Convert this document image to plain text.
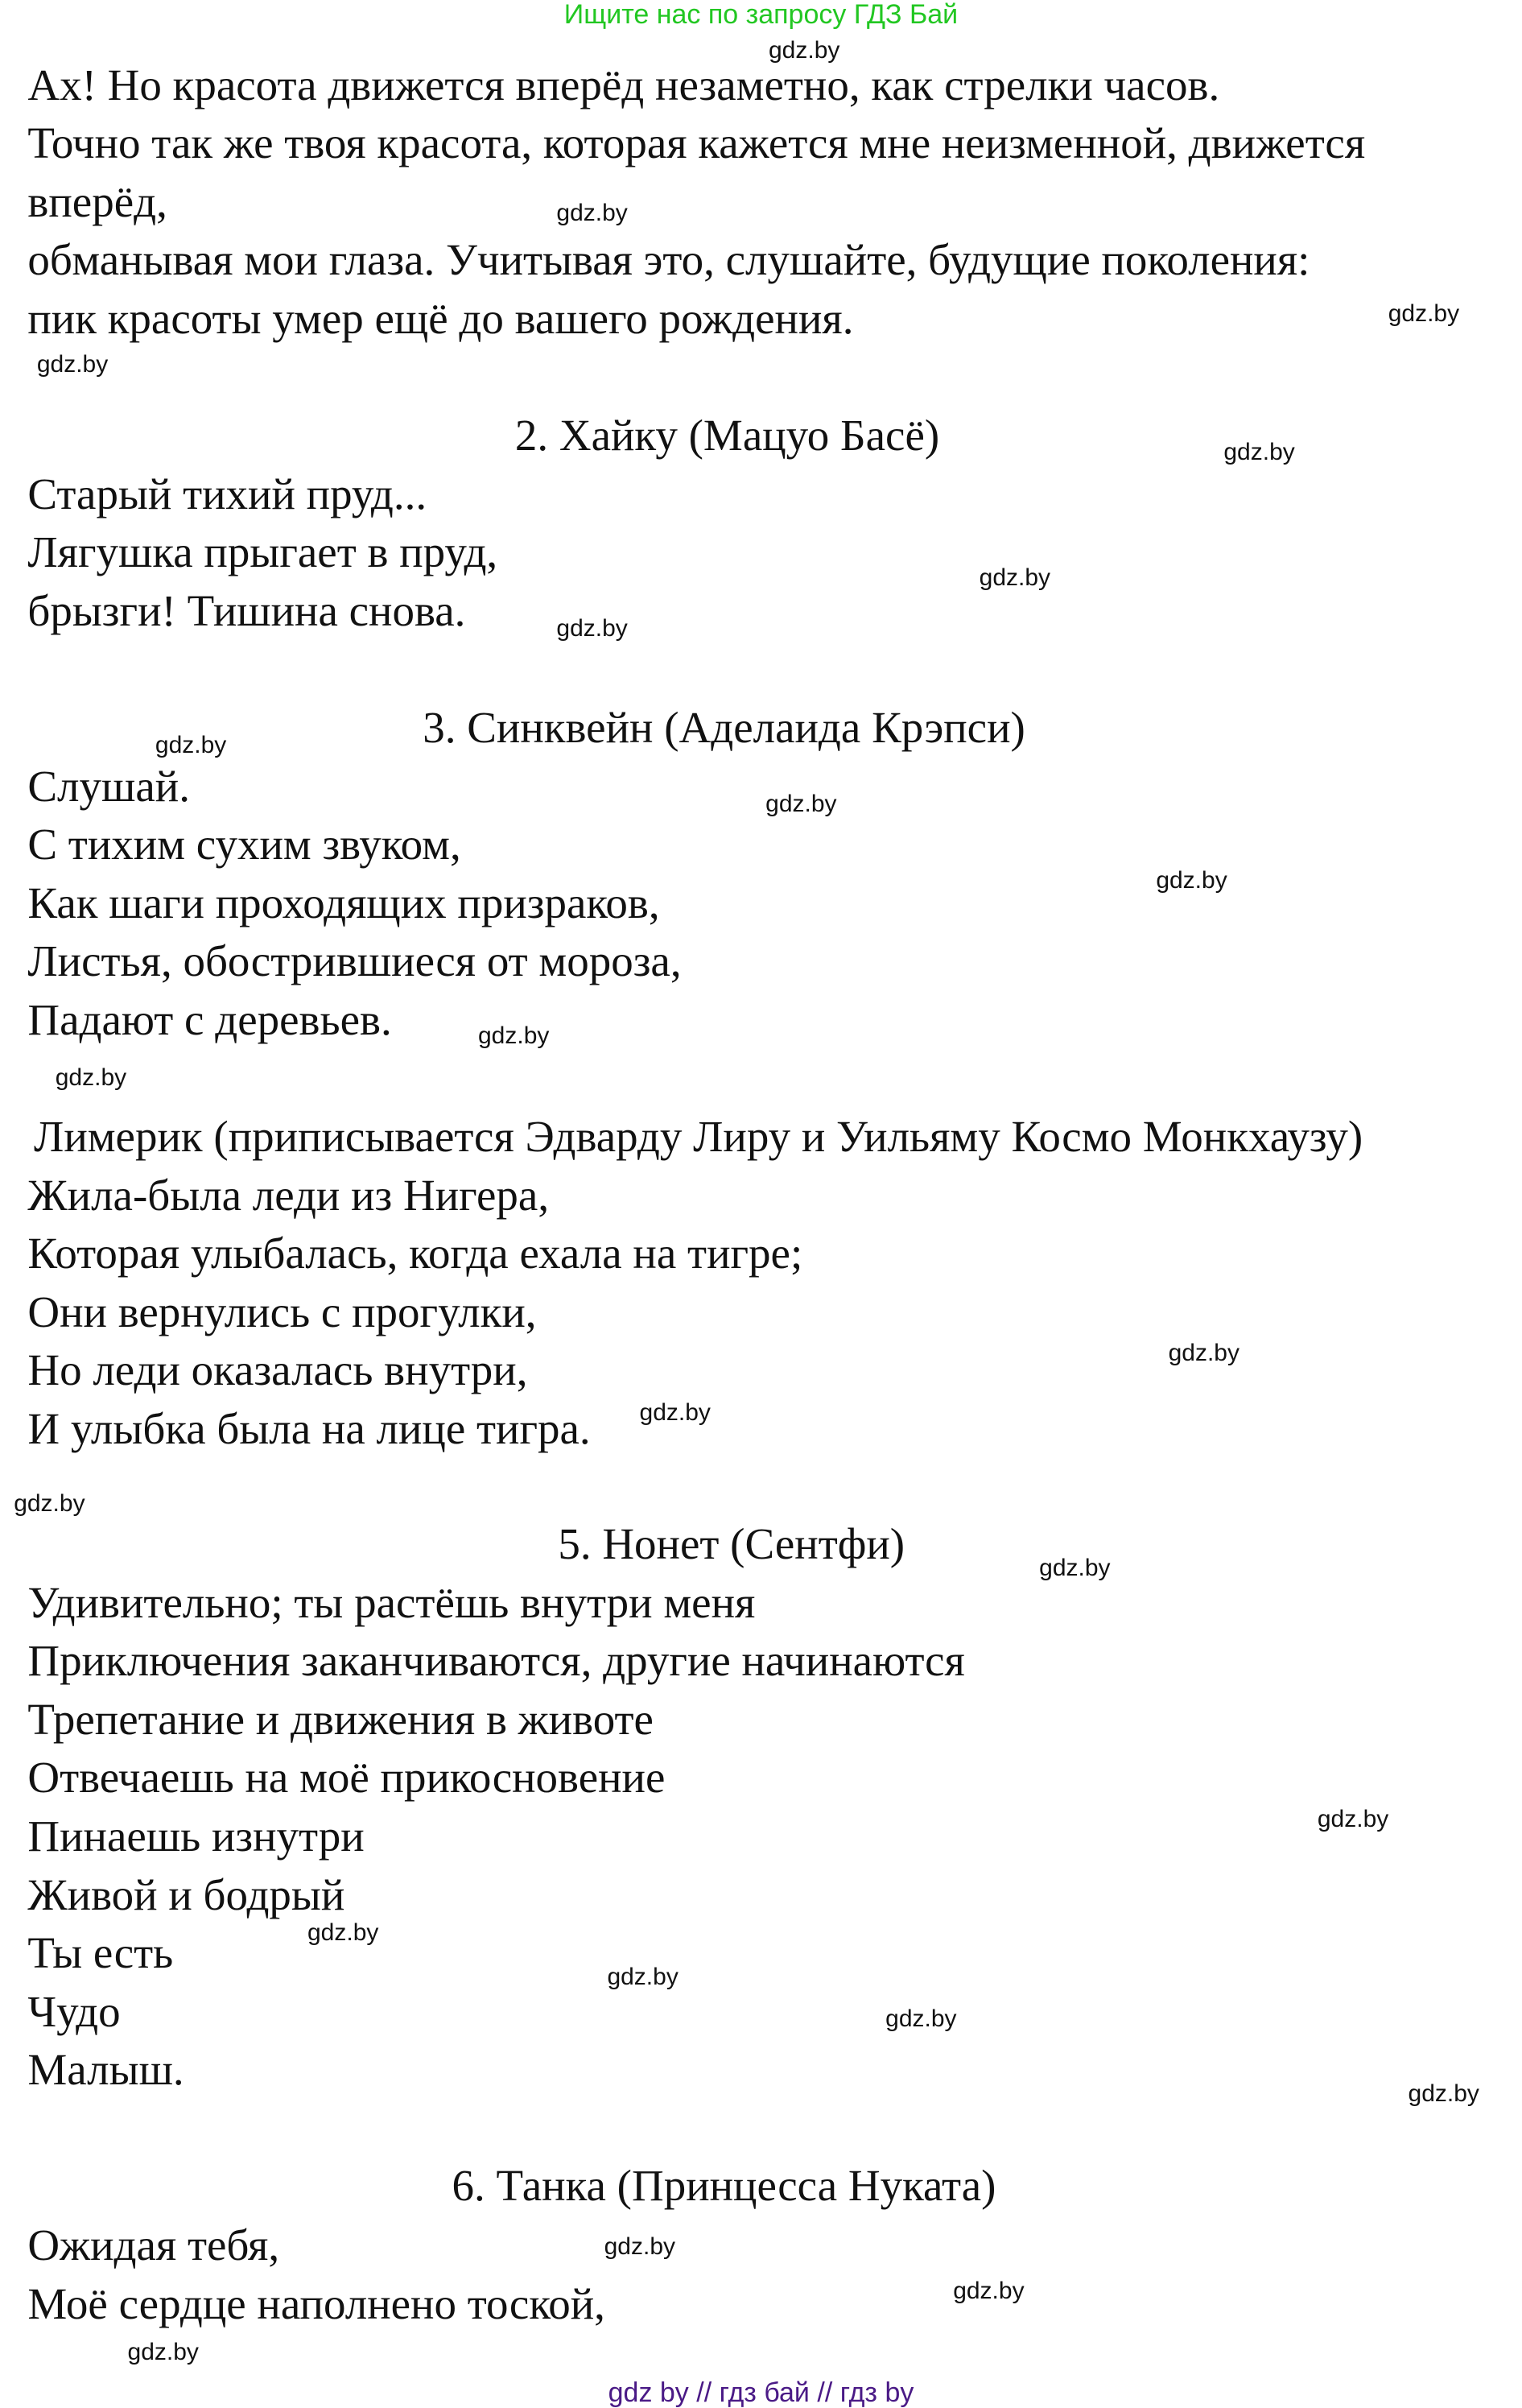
Ищите нас по запросу ГДЗ Бай
Ах! Но красота движется вперёд незаметно, как стрелки часов.
Точно так же твоя красота, которая кажется мне неизменной, движется
вперёд,
обманывая мои глаза. Учитывая это, слушайте, будущие поколения:
пик красоты умер ещё до вашего рождения.
2. Хайку (Мацуо Басё)
Старый тихий пруд...
Лягушка прыгает в пруд,
брызги! Тишина снова.
3. Синквейн (Аделаида Крэпси)
Слушай.
С тихим сухим звуком,
Как шаги проходящих призраков,
Листья, обострившиеся от мороза,
Падают с деревьев.
Лимерик (приписывается Эдварду Лиру и Уильяму Космо Монкхаузу)
Жила-была леди из Нигера,
Которая улыбалась, когда ехала на тигре;
Они вернулись с прогулки,
Но леди оказалась внутри,
И улыбка была на лице тигра.
5. Нонет (Сентфи)
Удивительно; ты растёшь внутри меня
Приключения заканчиваются, другие начинаются
Трепетание и движения в животе
Отвечаешь на моё прикосновение
Пинаешь изнутри
Живой и бодрый
Ты есть
Чудо
Малыш.
6. Танка (Принцесса Нуката)
Ожидая тебя,
Моё сердце наполнено тоской,
gdz.by
gdz.by
gdz.by
gdz.by
gdz.by
gdz.by
gdz.by
gdz.by
gdz.by
gdz.by
gdz.by
gdz.by
gdz.by
gdz.by
gdz.by
gdz.by
gdz.by
gdz.by
gdz.by
gdz.by
gdz.by
gdz.by
gdz.by
gdz.by
gdz by // гдз бай // гдз by
